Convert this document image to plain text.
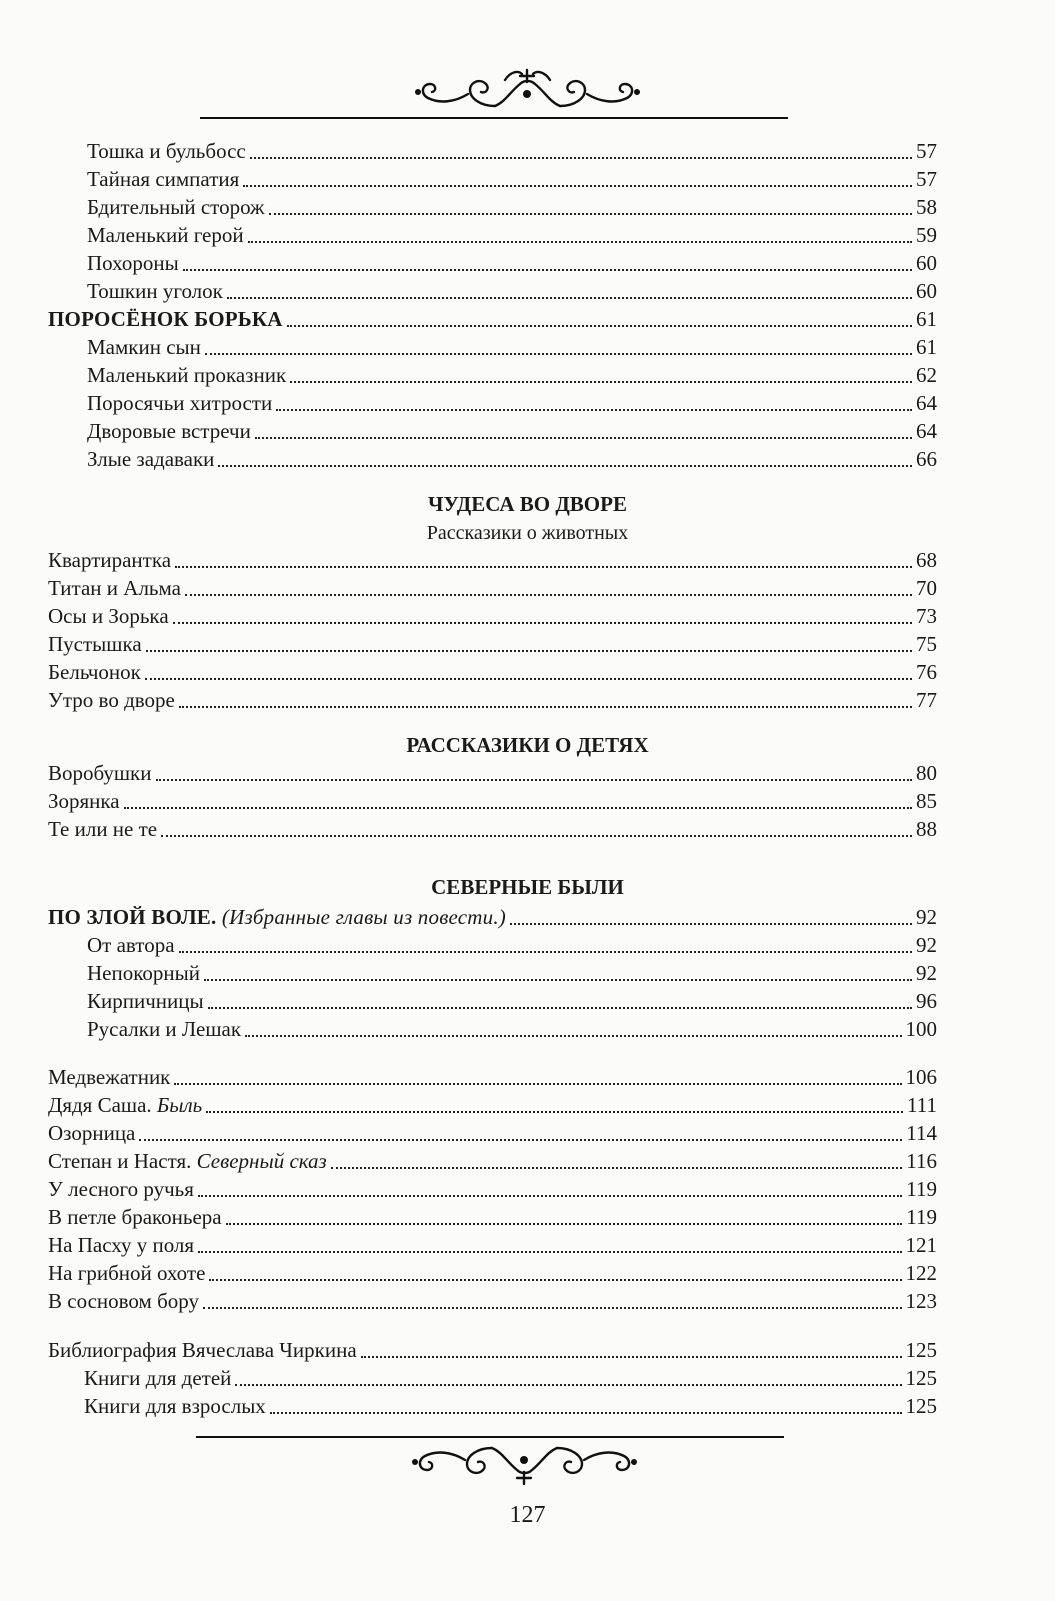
Тошка и бульбосс	57
Тайная симпатия	57
Бдительный сторож	58
Маленький герой	59
Похороны	60
Тошкин уголок	60
ПОРОСЁНОК БОРЬКА	61
Мамкин сын	61
Маленький проказник	62
Поросячьи хитрости	64
Дворовые встречи	64
Злые задаваки	66
ЧУДЕСА ВО ДВОРЕ
Рассказики о животных
Квартирантка	68
Титан и Альма	70
Осы и Зорька	73
Пустышка	75
Бельчонок	76
Утро во дворе	77
РАССКАЗИКИ О ДЕТЯХ
Воробушки	80
Зорянка	85
Те или не те	88
СЕВЕРНЫЕ БЫЛИ
ПО ЗЛОЙ ВОЛЕ. (Избранные главы из повести.)	92
От автора	92
Непокорный	92
Кирпичницы	96
Русалки и Лешак	100
Медвежатник	106
Дядя Саша. Быль	111
Озорница	114
Степан и Настя. Северный сказ	116
У лесного ручья	119
В петле браконьера	119
На Пасху у поля	121
На грибной охоте	122
В сосновом бору	123
Библиография Вячеслава Чиркина	125
Книги для детей	125
Книги для взрослых	125
127
